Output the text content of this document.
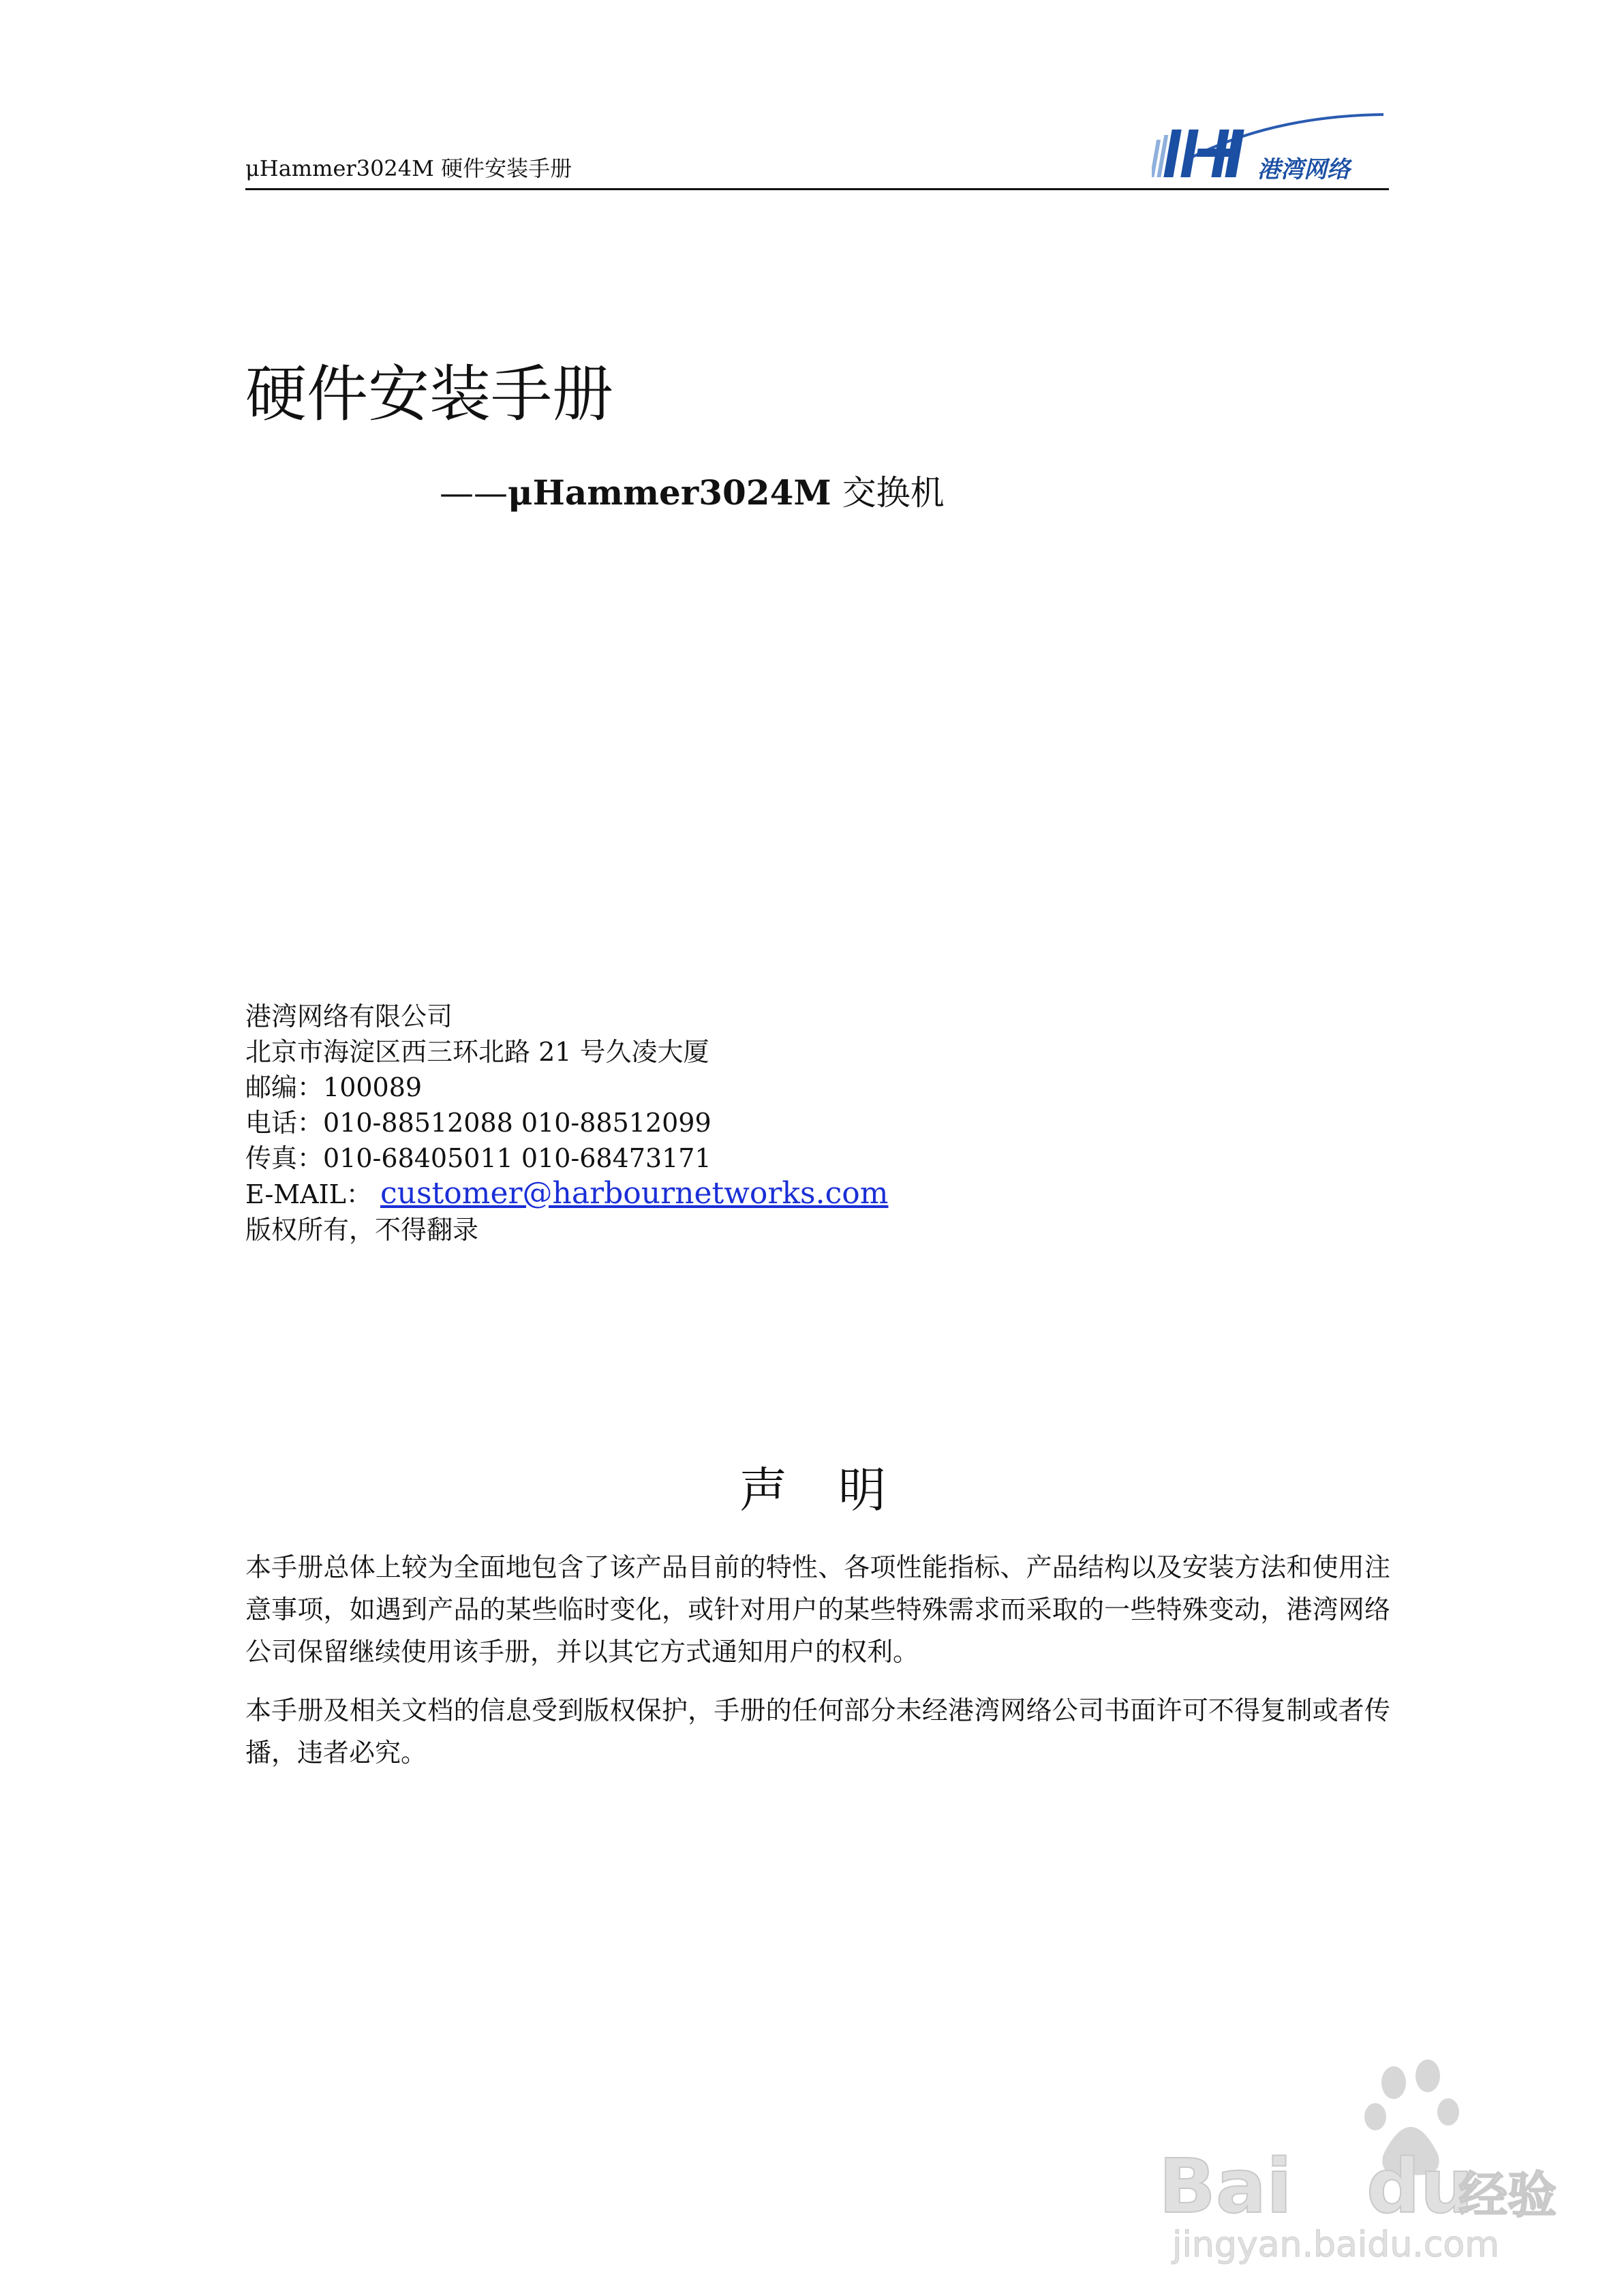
μHammer3024M 硬件安装手册	港湾网络
硬件安装手册
——μHammer3024M 交换机
港湾网络有限公司
北京市海淀区西三环北路 21 号久凌大厦
邮编：100089
电话：010-88512088 010-88512099
传真：010-68405011 010-68473171
E-MAIL： customer@harbournetworks.com
版权所有，不得翻录
声明

本手册总体上较为全面地包含了该产品目前的特性、各项性能指标、产品结构以及安装方法和使用注意事项，如遇到产品的某些临时变化，或针对用户的某些特殊需求而采取的一些特殊变动，港湾网络公司保留继续使用该手册，并以其它方式通知用户的权利。

本手册及相关文档的信息受到版权保护，手册的任何部分未经港湾网络公司书面许可不得复制或者传播，违者必究。

Bai du
经验
jingyan.baidu.com
